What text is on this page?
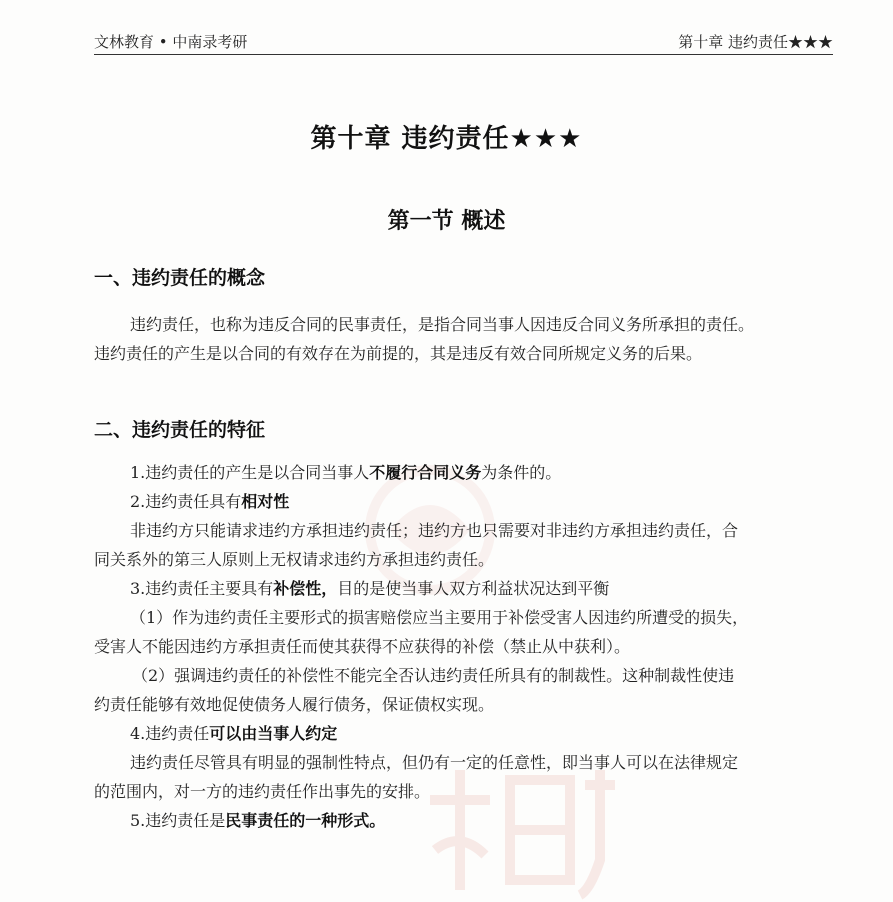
文林教育 • 中南录考研	第十章 违约责任★★★
第十章 违约责任★★★
第一节 概述
一、违约责任的概念
违约责任，也称为违反合同的民事责任，是指合同当事人因违反合同义务所承担的责任。
违约责任的产生是以合同的有效存在为前提的，其是违反有效合同所规定义务的后果。
二、违约责任的特征
1.违约责任的产生是以合同当事人不履行合同义务为条件的。
2.违约责任具有相对性
非违约方只能请求违约方承担违约责任；违约方也只需要对非违约方承担违约责任，合
同关系外的第三人原则上无权请求违约方承担违约责任。
3.违约责任主要具有补偿性，目的是使当事人双方利益状况达到平衡
（1）作为违约责任主要形式的损害赔偿应当主要用于补偿受害人因违约所遭受的损失，
受害人不能因违约方承担责任而使其获得不应获得的补偿（禁止从中获利）。
（2）强调违约责任的补偿性不能完全否认违约责任所具有的制裁性。这种制裁性使违
约责任能够有效地促使债务人履行债务，保证债权实现。
4.违约责任可以由当事人约定
违约责任尽管具有明显的强制性特点，但仍有一定的任意性，即当事人可以在法律规定
的范围内，对一方的违约责任作出事先的安排。
5.违约责任是民事责任的一种形式。
